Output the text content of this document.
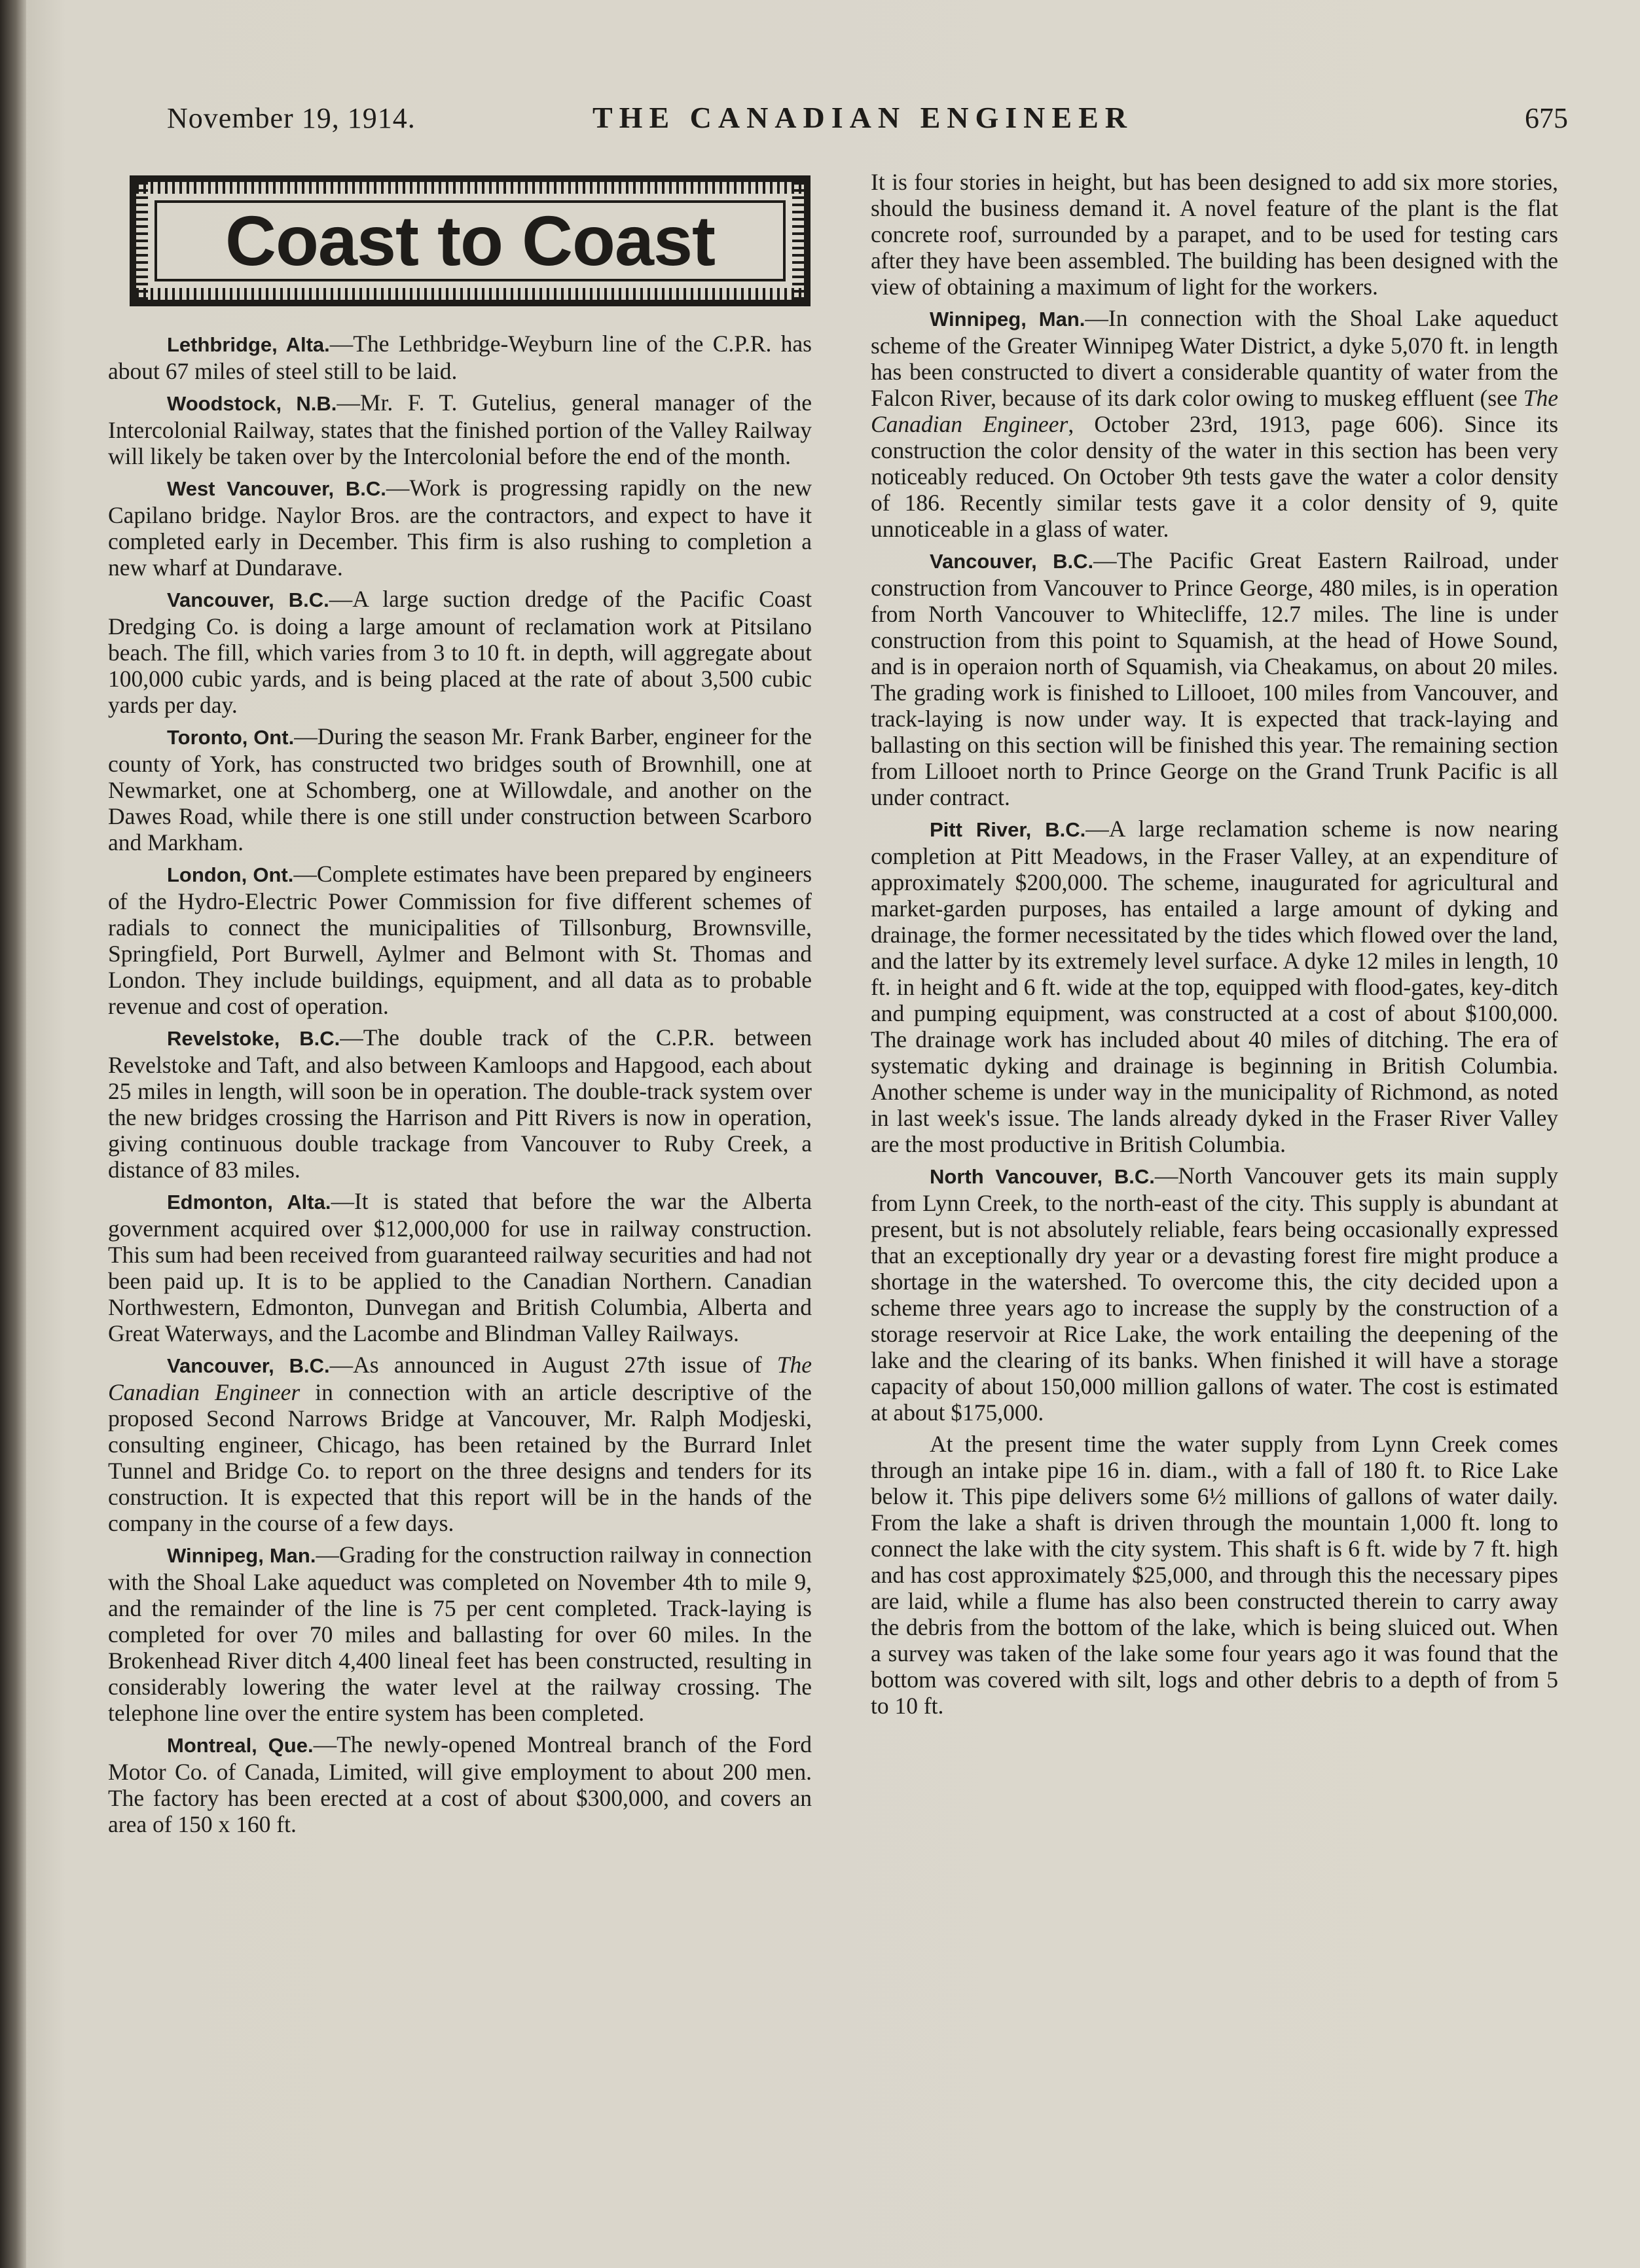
November 19, 1914.	THE CANADIAN ENGINEER	675
Coast to Coast

Lethbridge, Alta.—The Lethbridge-Weyburn line of the C.P.R. has about 67 miles of steel still to be laid.

Woodstock, N.B.—Mr. F. T. Gutelius, general manager of the Intercolonial Railway, states that the finished portion of the Valley Railway will likely be taken over by the Intercolonial before the end of the month.

West Vancouver, B.C.—Work is progressing rapidly on the new Capilano bridge. Naylor Bros. are the contractors, and expect to have it completed early in December. This firm is also rushing to completion a new wharf at Dundarave.

Vancouver, B.C.—A large suction dredge of the Pacific Coast Dredging Co. is doing a large amount of reclamation work at Pitsilano beach. The fill, which varies from 3 to 10 ft. in depth, will aggregate about 100,000 cubic yards, and is being placed at the rate of about 3,500 cubic yards per day.

Toronto, Ont.—During the season Mr. Frank Barber, engineer for the county of York, has constructed two bridges south of Brownhill, one at Newmarket, one at Schomberg, one at Willowdale, and another on the Dawes Road, while there is one still under construction between Scarboro and Markham.

London, Ont.—Complete estimates have been prepared by engineers of the Hydro-Electric Power Commission for five different schemes of radials to connect the municipalities of Tillsonburg, Brownsville, Springfield, Port Burwell, Aylmer and Belmont with St. Thomas and London. They include buildings, equipment, and all data as to probable revenue and cost of operation.

Revelstoke, B.C.—The double track of the C.P.R. between Revelstoke and Taft, and also between Kamloops and Hapgood, each about 25 miles in length, will soon be in operation. The double-track system over the new bridges crossing the Harrison and Pitt Rivers is now in operation, giving continuous double trackage from Vancouver to Ruby Creek, a distance of 83 miles.

Edmonton, Alta.—It is stated that before the war the Alberta government acquired over $12,000,000 for use in railway construction. This sum had been received from guaranteed railway securities and had not been paid up. It is to be applied to the Canadian Northern. Canadian Northwestern, Edmonton, Dunvegan and British Columbia, Alberta and Great Waterways, and the Lacombe and Blindman Valley Railways.

Vancouver, B.C.—As announced in August 27th issue of The Canadian Engineer in connection with an article descriptive of the proposed Second Narrows Bridge at Vancouver, Mr. Ralph Modjeski, consulting engineer, Chicago, has been retained by the Burrard Inlet Tunnel and Bridge Co. to report on the three designs and tenders for its construction. It is expected that this report will be in the hands of the company in the course of a few days.

Winnipeg, Man.—Grading for the construction railway in connection with the Shoal Lake aqueduct was completed on November 4th to mile 9, and the remainder of the line is 75 per cent completed. Track-laying is completed for over 70 miles and ballasting for over 60 miles. In the Brokenhead River ditch 4,400 lineal feet has been constructed, resulting in considerably lowering the water level at the railway crossing. The telephone line over the entire system has been completed.

Montreal, Que.—The newly-opened Montreal branch of the Ford Motor Co. of Canada, Limited, will give employment to about 200 men. The factory has been erected at a cost of about $300,000, and covers an area of 150 x 160 ft.

It is four stories in height, but has been designed to add six more stories, should the business demand it. A novel feature of the plant is the flat concrete roof, surrounded by a parapet, and to be used for testing cars after they have been assembled. The building has been designed with the view of obtaining a maximum of light for the workers.

Winnipeg, Man.—In connection with the Shoal Lake aqueduct scheme of the Greater Winnipeg Water District, a dyke 5,070 ft. in length has been constructed to divert a considerable quantity of water from the Falcon River, because of its dark color owing to muskeg effluent (see The Canadian Engineer, October 23rd, 1913, page 606). Since its construction the color density of the water in this section has been very noticeably reduced. On October 9th tests gave the water a color density of 186. Recently similar tests gave it a color density of 9, quite unnoticeable in a glass of water.

Vancouver, B.C.—The Pacific Great Eastern Railroad, under construction from Vancouver to Prince George, 480 miles, is in operation from North Vancouver to Whitecliffe, 12.7 miles. The line is under construction from this point to Squamish, at the head of Howe Sound, and is in operaion north of Squamish, via Cheakamus, on about 20 miles. The grading work is finished to Lillooet, 100 miles from Vancouver, and track-laying is now under way. It is expected that track-laying and ballasting on this section will be finished this year. The remaining section from Lillooet north to Prince George on the Grand Trunk Pacific is all under contract.

Pitt River, B.C.—A large reclamation scheme is now nearing completion at Pitt Meadows, in the Fraser Valley, at an expenditure of approximately $200,000. The scheme, inaugurated for agricultural and market-garden purposes, has entailed a large amount of dyking and drainage, the former necessitated by the tides which flowed over the land, and the latter by its extremely level surface. A dyke 12 miles in length, 10 ft. in height and 6 ft. wide at the top, equipped with flood-gates, key-ditch and pumping equipment, was constructed at a cost of about $100,000. The drainage work has included about 40 miles of ditching. The era of systematic dyking and drainage is beginning in British Columbia. Another scheme is under way in the municipality of Richmond, as noted in last week's issue. The lands already dyked in the Fraser River Valley are the most productive in British Columbia.

North Vancouver, B.C.—North Vancouver gets its main supply from Lynn Creek, to the north-east of the city. This supply is abundant at present, but is not absolutely reliable, fears being occasionally expressed that an exceptionally dry year or a devasting forest fire might produce a shortage in the watershed. To overcome this, the city decided upon a scheme three years ago to increase the supply by the construction of a storage reservoir at Rice Lake, the work entailing the deepening of the lake and the clearing of its banks. When finished it will have a storage capacity of about 150,000 million gallons of water. The cost is estimated at about $175,000.

At the present time the water supply from Lynn Creek comes through an intake pipe 16 in. diam., with a fall of 180 ft. to Rice Lake below it. This pipe delivers some 6½ millions of gallons of water daily. From the lake a shaft is driven through the mountain 1,000 ft. long to connect the lake with the city system. This shaft is 6 ft. wide by 7 ft. high and has cost approximately $25,000, and through this the necessary pipes are laid, while a flume has also been constructed therein to carry away the debris from the bottom of the lake, which is being sluiced out. When a survey was taken of the lake some four years ago it was found that the bottom was covered with silt, logs and other debris to a depth of from 5 to 10 ft.
